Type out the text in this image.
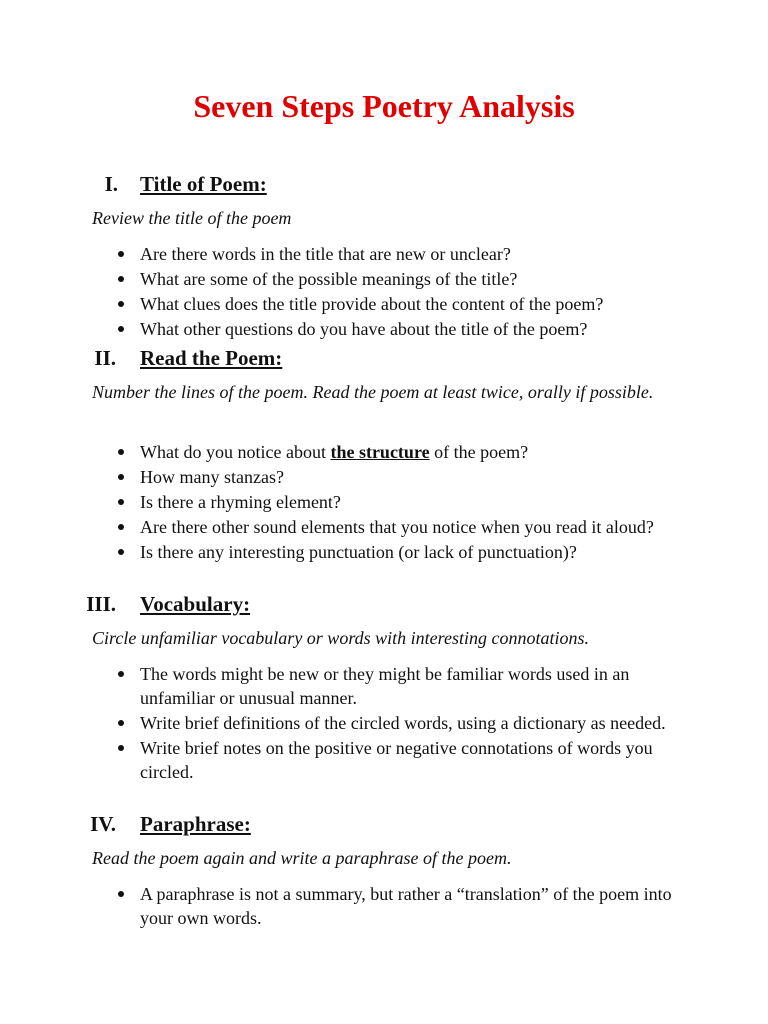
Seven Steps Poetry Analysis
I. Title of Poem:

Review the title of the poem

Are there words in the title that are new or unclear?
What are some of the possible meanings of the title?
What clues does the title provide about the content of the poem?
What other questions do you have about the title of the poem?
II. Read the Poem:

Number the lines of the poem. Read the poem at least twice, orally if possible.

What do you notice about the structure of the poem?
How many stanzas?
Is there a rhyming element?
Are there other sound elements that you notice when you read it aloud?
Is there any interesting punctuation (or lack of punctuation)?
III. Vocabulary:

Circle unfamiliar vocabulary or words with interesting connotations.

The words might be new or they might be familiar words used in an unfamiliar or unusual manner.
Write brief definitions of the circled words, using a dictionary as needed.
Write brief notes on the positive or negative connotations of words you circled.
IV. Paraphrase:

Read the poem again and write a paraphrase of the poem.

A paraphrase is not a summary, but rather a “translation” of the poem into your own words.
